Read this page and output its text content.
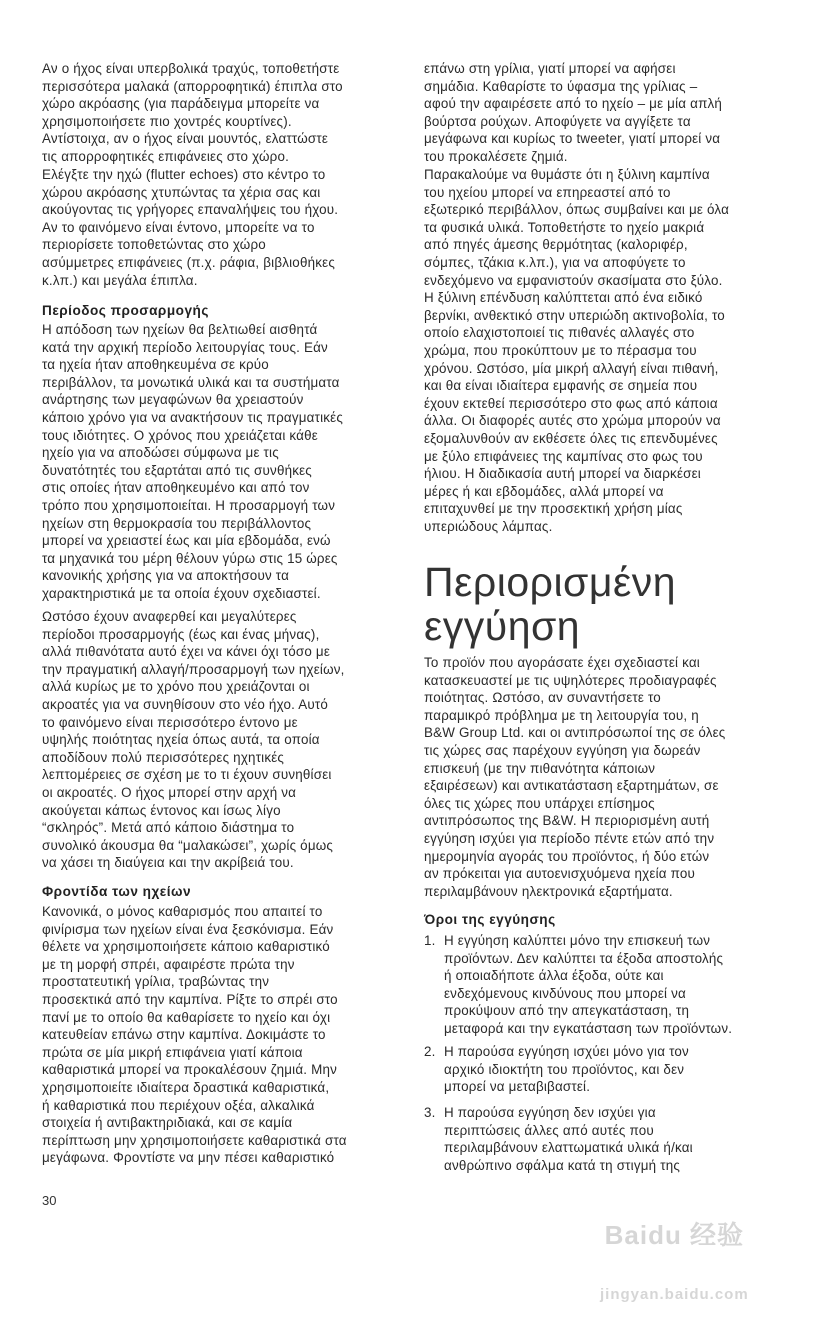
Αν ο ήχος είναι υπερβολικά τραχύς, τοποθετήστε
περισσότερα μαλακά (απορροφητικά) έπιπλα στο
χώρο ακρόασης (για παράδειγμα μπορείτε να
χρησιμοποιήσετε πιο χοντρές κουρτίνες).
Αντίστοιχα, αν ο ήχος είναι μουντός, ελαττώστε
τις απορροφητικές επιφάνειες στο χώρο.
Ελέγξτε την ηχώ (flutter echoes) στο κέντρο το
χώρου ακρόασης χτυπώντας τα χέρια σας και
ακούγοντας τις γρήγορες επαναλήψεις του ήχου.
Αν το φαινόμενο είναι έντονο, μπορείτε να το
περιορίσετε τοποθετώντας στο χώρο
ασύμμετρες επιφάνειες (π.χ. ράφια, βιβλιοθήκες
κ.λπ.) και μεγάλα έπιπλα.
Περίοδος προσαρμογής
Η απόδοση των ηχείων θα βελτιωθεί αισθητά
κατά την αρχική περίοδο λειτουργίας τους. Εάν
τα ηχεία ήταν αποθηκευμένα σε κρύο
περιβάλλον, τα μονωτικά υλικά και τα συστήματα
ανάρτησης των μεγαφώνων θα χρειαστούν
κάποιο χρόνο για να ανακτήσουν τις πραγματικές
τους ιδιότητες. Ο χρόνος που χρειάζεται κάθε
ηχείο για να αποδώσει σύμφωνα με τις
δυνατότητές του εξαρτάται από τις συνθήκες
στις οποίες ήταν αποθηκευμένο και από τον
τρόπο που χρησιμοποιείται. Η προσαρμογή των
ηχείων στη θερμοκρασία του περιβάλλοντος
μπορεί να χρειαστεί έως και μία εβδομάδα, ενώ
τα μηχανικά του μέρη θέλουν γύρω στις 15 ώρες
κανονικής χρήσης για να αποκτήσουν τα
χαρακτηριστικά με τα οποία έχουν σχεδιαστεί.
Ωστόσο έχουν αναφερθεί και μεγαλύτερες
περίοδοι προσαρμογής (έως και ένας μήνας),
αλλά πιθανότατα αυτό έχει να κάνει όχι τόσο με
την πραγματική αλλαγή/προσαρμογή των ηχείων,
αλλά κυρίως με το χρόνο που χρειάζονται οι
ακροατές για να συνηθίσουν στο νέο ήχο. Αυτό
το φαινόμενο είναι περισσότερο έντονο με
υψηλής ποιότητας ηχεία όπως αυτά, τα οποία
αποδίδουν πολύ περισσότερες ηχητικές
λεπτομέρειες σε σχέση με το τι έχουν συνηθίσει
οι ακροατές. Ο ήχος μπορεί στην αρχή να
ακούγεται κάπως έντονος και ίσως λίγο
“σκληρός”. Μετά από κάποιο διάστημα το
συνολικό άκουσμα θα “μαλακώσει”, χωρίς όμως
να χάσει τη διαύγεια και την ακρίβειά του.
Φροντίδα των ηχείων
Κανονικά, ο μόνος καθαρισμός που απαιτεί το
φινίρισμα των ηχείων είναι ένα ξεσκόνισμα. Εάν
θέλετε να χρησιμοποιήσετε κάποιο καθαριστικό
με τη μορφή σπρέι, αφαιρέστε πρώτα την
προστατευτική γρίλια, τραβώντας την
προσεκτικά από την καμπίνα. Ρίξτε το σπρέι στο
πανί με το οποίο θα καθαρίσετε το ηχείο και όχι
κατευθείαν επάνω στην καμπίνα. Δοκιμάστε το
πρώτα σε μία μικρή επιφάνεια γιατί κάποια
καθαριστικά μπορεί να προκαλέσουν ζημιά. Μην
χρησιμοποιείτε ιδιαίτερα δραστικά καθαριστικά,
ή καθαριστικά που περιέχουν οξέα, αλκαλικά
στοιχεία ή αντιβακτηριδιακά, και σε καμία
περίπτωση μην χρησιμοποιήσετε καθαριστικά στα
μεγάφωνα. Φροντίστε να μην πέσει καθαριστικό
επάνω στη γρίλια, γιατί μπορεί να αφήσει
σημάδια. Καθαρίστε το ύφασμα της γρίλιας –
αφού την αφαιρέσετε από το ηχείο – με μία απλή
βούρτσα ρούχων. Αποφύγετε να αγγίξετε τα
μεγάφωνα και κυρίως το tweeter, γιατί μπορεί να
του προκαλέσετε ζημιά.
Παρακαλούμε να θυμάστε ότι η ξύλινη καμπίνα
του ηχείου μπορεί να επηρεαστεί από το
εξωτερικό περιβάλλον, όπως συμβαίνει και με όλα
τα φυσικά υλικά. Τοποθετήστε το ηχείο μακριά
από πηγές άμεσης θερμότητας (καλοριφέρ,
σόμπες, τζάκια κ.λπ.), για να αποφύγετε το
ενδεχόμενο να εμφανιστούν σκασίματα στο ξύλο.
Η ξύλινη επένδυση καλύπτεται από ένα ειδικό
βερνίκι, ανθεκτικό στην υπεριώδη ακτινοβολία, το
οποίο ελαχιστοποιεί τις πιθανές αλλαγές στο
χρώμα, που προκύπτουν με το πέρασμα του
χρόνου. Ωστόσο, μία μικρή αλλαγή είναι πιθανή,
και θα είναι ιδιαίτερα εμφανής σε σημεία που
έχουν εκτεθεί περισσότερο στο φως από κάποια
άλλα. Οι διαφορές αυτές στο χρώμα μπορούν να
εξομαλυνθούν αν εκθέσετε όλες τις επενδυμένες
με ξύλο επιφάνειες της καμπίνας στο φως του
ήλιου. Η διαδικασία αυτή μπορεί να διαρκέσει
μέρες ή και εβδομάδες, αλλά μπορεί να
επιταχυνθεί με την προσεκτική χρήση μίας
υπεριώδους λάμπας.
Περιορισμένη
εγγύηση
Το προϊόν που αγοράσατε έχει σχεδιαστεί και
κατασκευαστεί με τις υψηλότερες προδιαγραφές
ποιότητας. Ωστόσο, αν συναντήσετε το
παραμικρό πρόβλημα με τη λειτουργία του, η
B&W Group Ltd. και οι αντιπρόσωποί της σε όλες
τις χώρες σας παρέχουν εγγύηση για δωρεάν
επισκευή (με την πιθανότητα κάποιων
εξαιρέσεων) και αντικατάσταση εξαρτημάτων, σε
όλες τις χώρες που υπάρχει επίσημος
αντιπρόσωπος της B&W. Η περιορισμένη αυτή
εγγύηση ισχύει για περίοδο πέντε ετών από την
ημερομηνία αγοράς του προϊόντος, ή δύο ετών
αν πρόκειται για αυτοενισχυόμενα ηχεία που
περιλαμβάνουν ηλεκτρονικά εξαρτήματα.
Όροι της εγγύησης
1. Η εγγύηση καλύπτει μόνο την επισκευή των
προϊόντων. Δεν καλύπτει τα έξοδα αποστολής
ή οποιαδήποτε άλλα έξοδα, ούτε και
ενδεχόμενους κινδύνους που μπορεί να
προκύψουν από την απεγκατάσταση, τη
μεταφορά και την εγκατάσταση των προϊόντων.
2. Η παρούσα εγγύηση ισχύει μόνο για τον
αρχικό ιδιοκτήτη του προϊόντος, και δεν
μπορεί να μεταβιβαστεί.
3. Η παρούσα εγγύηση δεν ισχύει για
περιπτώσεις άλλες από αυτές που
περιλαμβάνουν ελαττωματικά υλικά ή/και
ανθρώπινο σφάλμα κατά τη στιγμή της
30

Baidu 经验

jingyan.baidu.com
